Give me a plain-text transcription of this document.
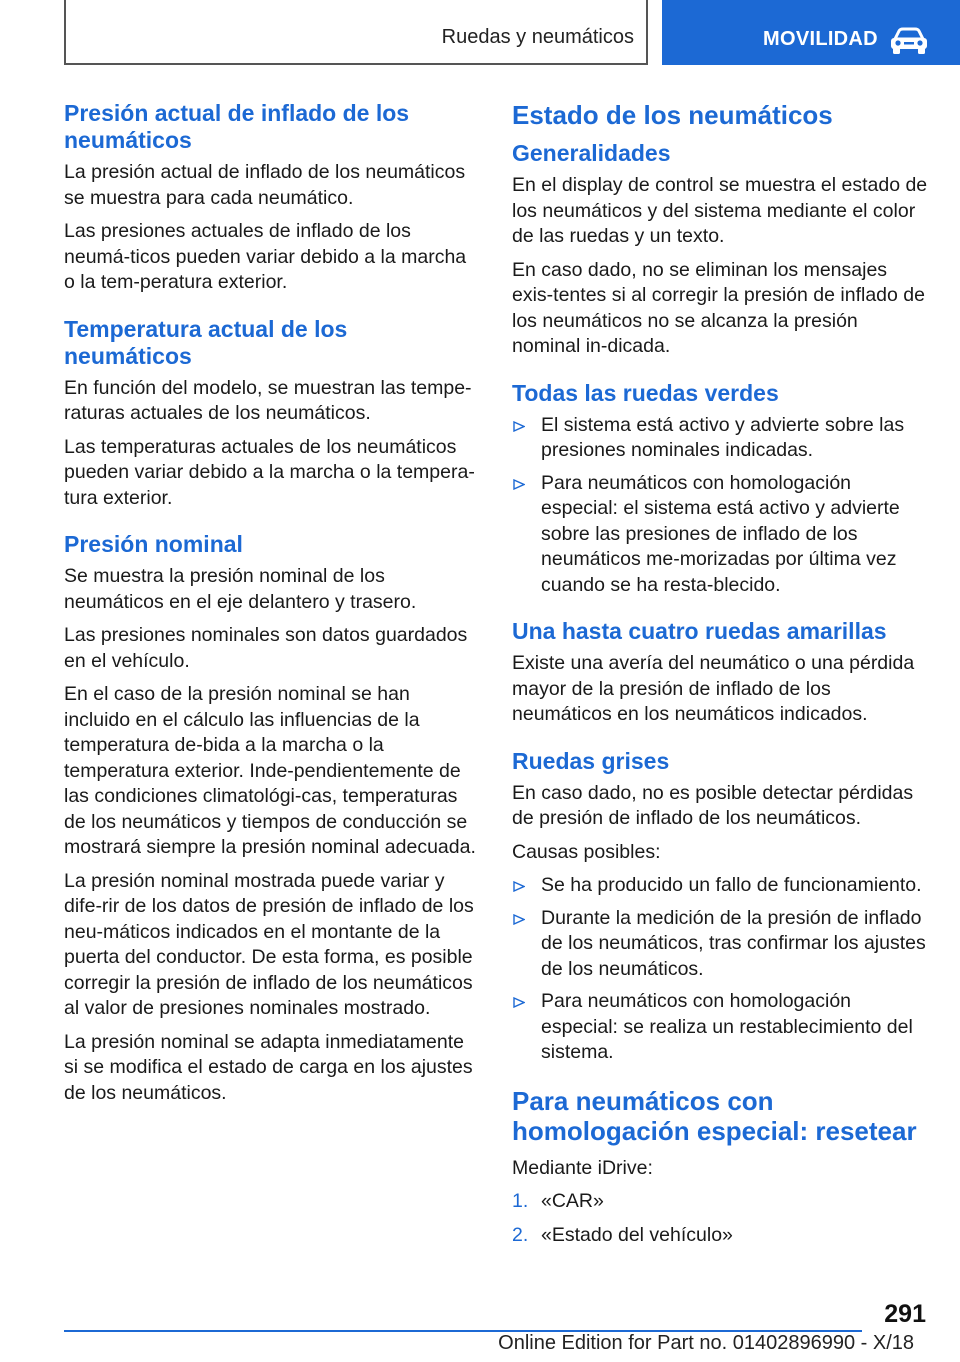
Ruedas y neumáticos	MOVILIDAD
Presión actual de inflado de los neumáticos

La presión actual de inflado de los neumáticos se muestra para cada neumático.

Las presiones actuales de inflado de los neumá‐ticos pueden variar debido a la marcha o la tem‐peratura exterior.

Temperatura actual de los neumáticos

En función del modelo, se muestran las tempe‐raturas actuales de los neumáticos.

Las temperaturas actuales de los neumáticos pueden variar debido a la marcha o la tempera‐tura exterior.

Presión nominal

Se muestra la presión nominal de los neumáticos en el eje delantero y trasero.

Las presiones nominales son datos guardados en el vehículo.

En el caso de la presión nominal se han incluido en el cálculo las influencias de la temperatura de‐bida a la marcha o la temperatura exterior. Inde‐pendientemente de las condiciones climatológi‐cas, temperaturas de los neumáticos y tiempos de conducción se mostrará siempre la presión nominal adecuada.

La presión nominal mostrada puede variar y dife‐rir de los datos de presión de inflado de los neu‐máticos indicados en el montante de la puerta del conductor. De esta forma, es posible corregir la presión de inflado de los neumáticos al valor de presiones nominales mostrado.

La presión nominal se adapta inmediatamente si se modifica el estado de carga en los ajustes de los neumáticos.

Estado de los neumáticos
Generalidades

En el display de control se muestra el estado de los neumáticos y del sistema mediante el color de las ruedas y un texto.

En caso dado, no se eliminan los mensajes exis‐tentes si al corregir la presión de inflado de los neumáticos no se alcanza la presión nominal in‐dicada.

Todas las ruedas verdes
El sistema está activo y advierte sobre las presiones nominales indicadas.
Para neumáticos con homologación especial: el sistema está activo y advierte sobre las presiones de inflado de los neumáticos me‐morizadas por última vez cuando se ha resta‐blecido.
Una hasta cuatro ruedas amarillas

Existe una avería del neumático o una pérdida mayor de la presión de inflado de los neumáticos en los neumáticos indicados.

Ruedas grises

En caso dado, no es posible detectar pérdidas de presión de inflado de los neumáticos.

Causas posibles:

Se ha producido un fallo de funcionamiento.
Durante la medición de la presión de inflado de los neumáticos, tras confirmar los ajustes de los neumáticos.
Para neumáticos con homologación especial: se realiza un restablecimiento del sistema.
Para neumáticos con homologación especial: resetear

Mediante iDrive:

1. «CAR»
2. «Estado del vehículo»
291
Online Edition for Part no. 01402896990 - X/18
